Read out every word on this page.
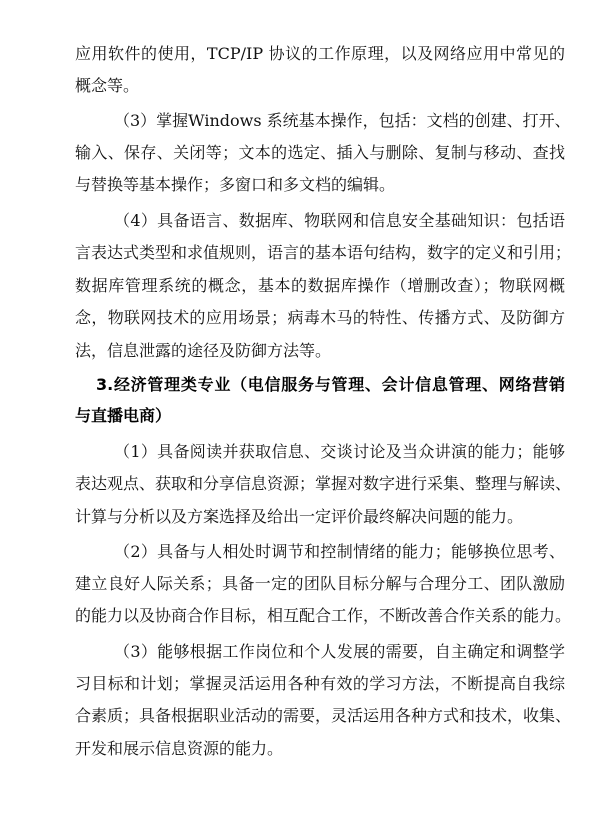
应用软件的使用，TCP/IP 协议的工作原理，以及网络应用中常见的
概念等。
（3）掌握Windows 系统基本操作，包括：文档的创建、打开、
输入、保存、关闭等；文本的选定、插入与删除、复制与移动、查找
与替换等基本操作；多窗口和多文档的编辑。
（4）具备语言、数据库、物联网和信息安全基础知识：包括语
言表达式类型和求值规则，语言的基本语句结构，数字的定义和引用；
数据库管理系统的概念，基本的数据库操作（增删改查）；物联网概
念，物联网技术的应用场景；病毒木马的特性、传播方式、及防御方
法，信息泄露的途径及防御方法等。
3.经济管理类专业（电信服务与管理、会计信息管理、网络营销
与直播电商）
（1）具备阅读并获取信息、交谈讨论及当众讲演的能力；能够
表达观点、获取和分享信息资源；掌握对数字进行采集、整理与解读、
计算与分析以及方案选择及给出一定评价最终解决问题的能力。
（2）具备与人相处时调节和控制情绪的能力；能够换位思考、
建立良好人际关系；具备一定的团队目标分解与合理分工、团队激励
的能力以及协商合作目标，相互配合工作，不断改善合作关系的能力。
（3）能够根据工作岗位和个人发展的需要，自主确定和调整学
习目标和计划；掌握灵活运用各种有效的学习方法，不断提高自我综
合素质；具备根据职业活动的需要，灵活运用各种方式和技术，收集、
开发和展示信息资源的能力。
